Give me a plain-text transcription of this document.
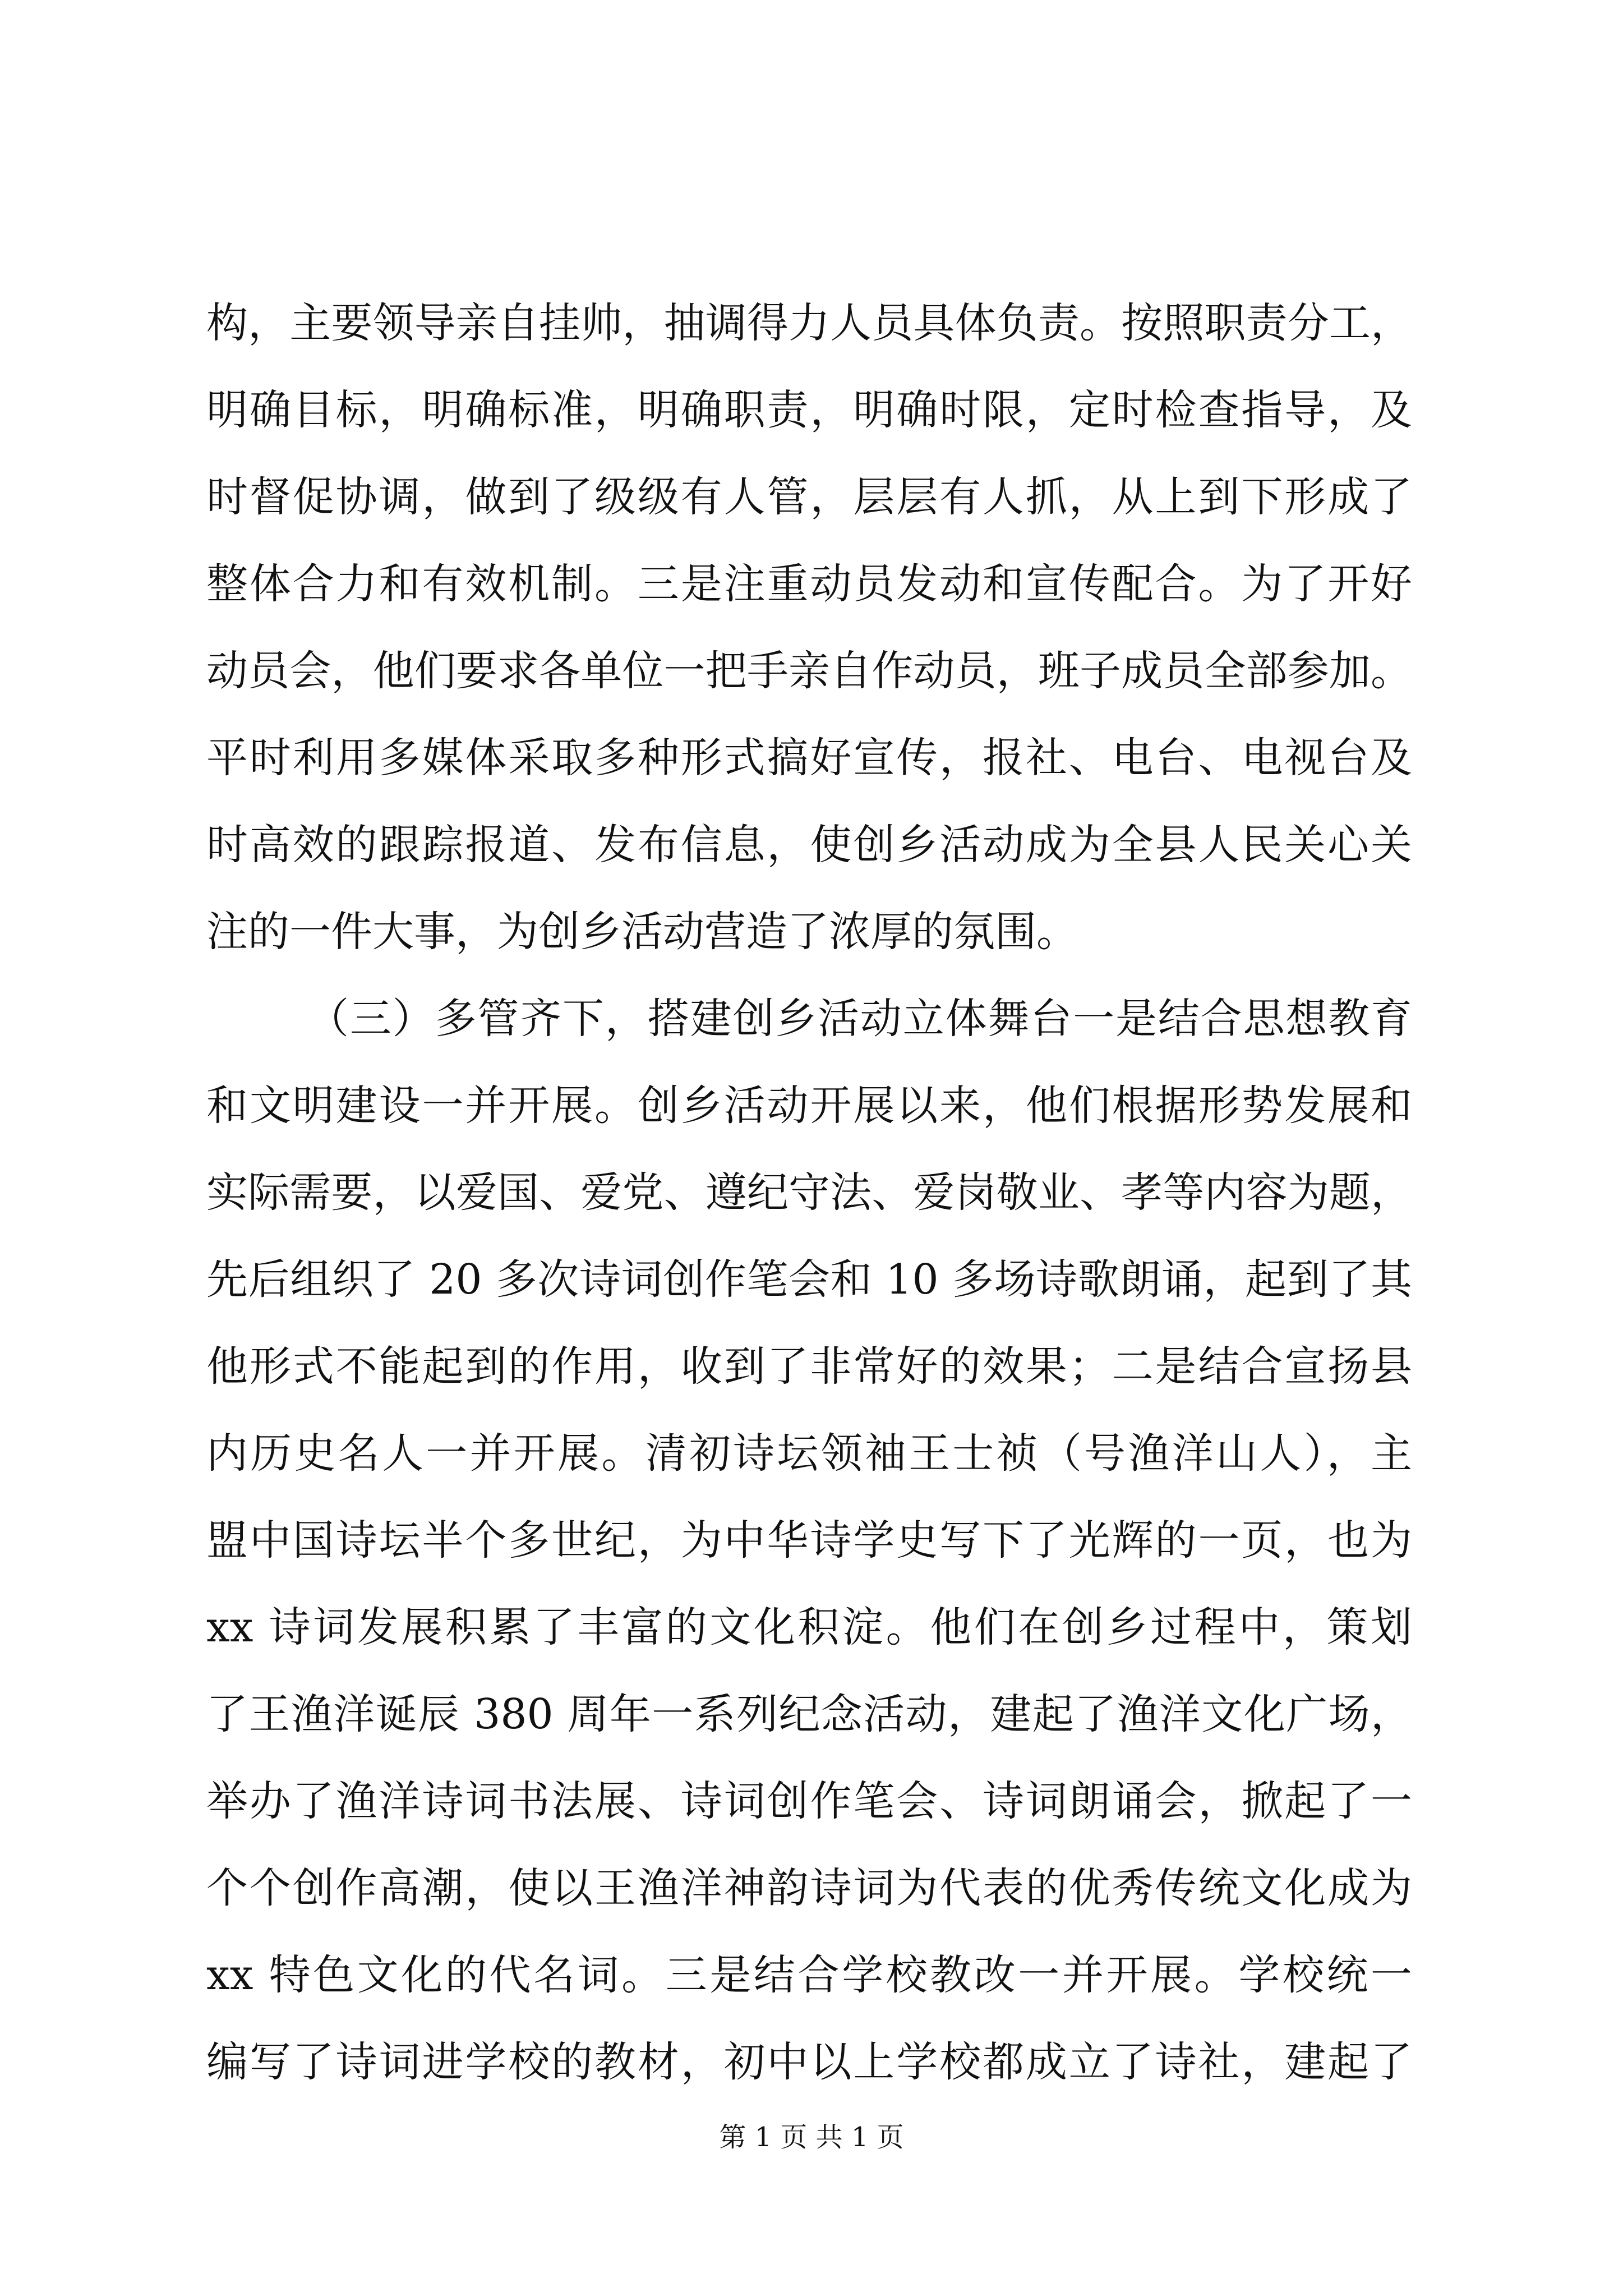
构，主要领导亲自挂帅，抽调得力人员具体负责。按照职责分工，
明确目标，明确标准，明确职责，明确时限，定时检查指导，及
时督促协调，做到了级级有人管，层层有人抓，从上到下形成了
整体合力和有效机制。三是注重动员发动和宣传配合。为了开好
动员会，他们要求各单位一把手亲自作动员，班子成员全部参加。
平时利用多媒体采取多种形式搞好宣传，报社、电台、电视台及
时高效的跟踪报道、发布信息，使创乡活动成为全县人民关心关
注的一件大事，为创乡活动营造了浓厚的氛围。
（三）多管齐下，搭建创乡活动立体舞台一是结合思想教育
和文明建设一并开展。创乡活动开展以来，他们根据形势发展和
实际需要，以爱国、爱党、遵纪守法、爱岗敬业、孝等内容为题，
先后组织了 20 多次诗词创作笔会和 10 多场诗歌朗诵，起到了其
他形式不能起到的作用，收到了非常好的效果；二是结合宣扬县
内历史名人一并开展。清初诗坛领袖王士祯（号渔洋山人），主
盟中国诗坛半个多世纪，为中华诗学史写下了光辉的一页，也为
xx 诗词发展积累了丰富的文化积淀。他们在创乡过程中，策划
了王渔洋诞辰 380 周年一系列纪念活动，建起了渔洋文化广场，
举办了渔洋诗词书法展、诗词创作笔会、诗词朗诵会，掀起了一
个个创作高潮，使以王渔洋神韵诗词为代表的优秀传统文化成为
xx 特色文化的代名词。三是结合学校教改一并开展。学校统一
编写了诗词进学校的教材，初中以上学校都成立了诗社，建起了
第 1 页 共 1 页
